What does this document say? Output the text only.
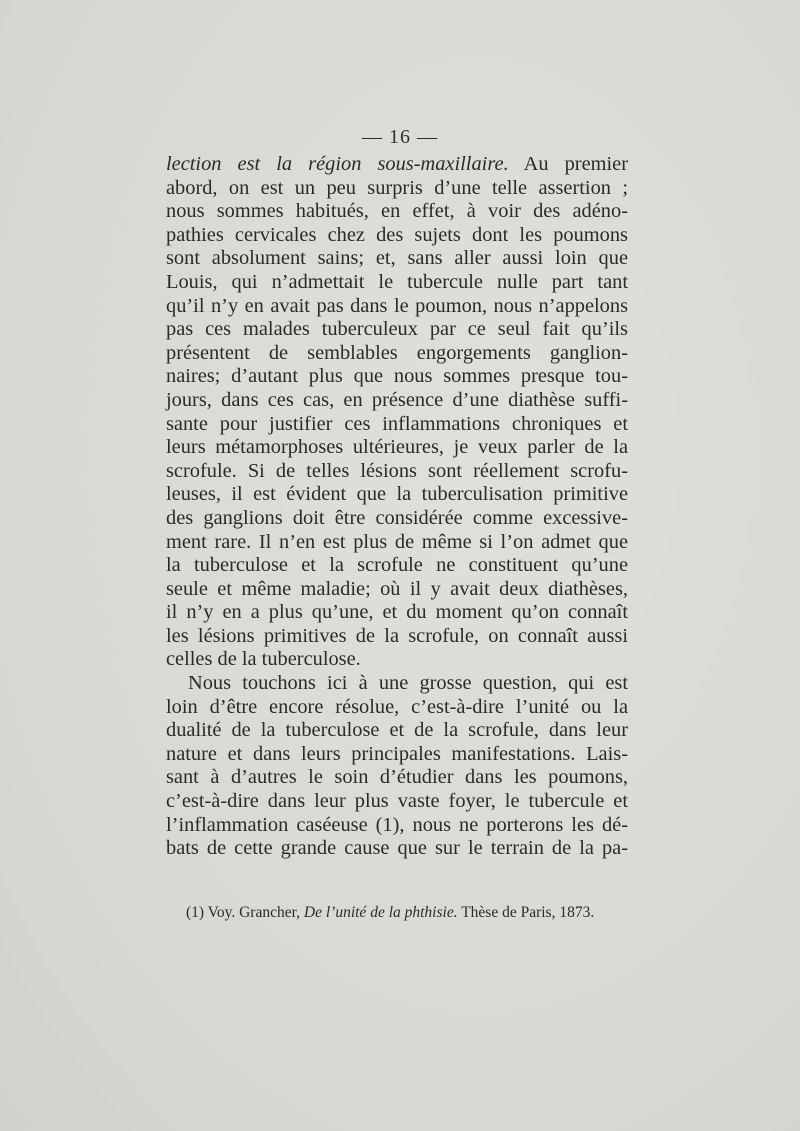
— 16 —
lection est la région sous-maxillaire. Au premier
abord, on est un peu surpris d’une telle assertion ;
nous sommes habitués, en effet, à voir des adéno-
pathies cervicales chez des sujets dont les poumons
sont absolument sains; et, sans aller aussi loin que
Louis, qui n’admettait le tubercule nulle part tant
qu’il n’y en avait pas dans le poumon, nous n’appelons
pas ces malades tuberculeux par ce seul fait qu’ils
présentent de semblables engorgements ganglion-
naires; d’autant plus que nous sommes presque tou-
jours, dans ces cas, en présence d’une diathèse suffi-
sante pour justifier ces inflammations chroniques et
leurs métamorphoses ultérieures, je veux parler de la
scrofule. Si de telles lésions sont réellement scrofu-
leuses, il est évident que la tuberculisation primitive
des ganglions doit être considérée comme excessive-
ment rare. Il n’en est plus de même si l’on admet que
la tuberculose et la scrofule ne constituent qu’une
seule et même maladie; où il y avait deux diathèses,
il n’y en a plus qu’une, et du moment qu’on connaît
les lésions primitives de la scrofule, on connaît aussi
celles de la tuberculose.
Nous touchons ici à une grosse question, qui est
loin d’être encore résolue, c’est-à-dire l’unité ou la
dualité de la tuberculose et de la scrofule, dans leur
nature et dans leurs principales manifestations. Lais-
sant à d’autres le soin d’étudier dans les poumons,
c’est-à-dire dans leur plus vaste foyer, le tubercule et
l’inflammation caséeuse (1), nous ne porterons les dé-
bats de cette grande cause que sur le terrain de la pa-
(1) Voy. Grancher, De l’unité de la phthisie. Thèse de Paris, 1873.
